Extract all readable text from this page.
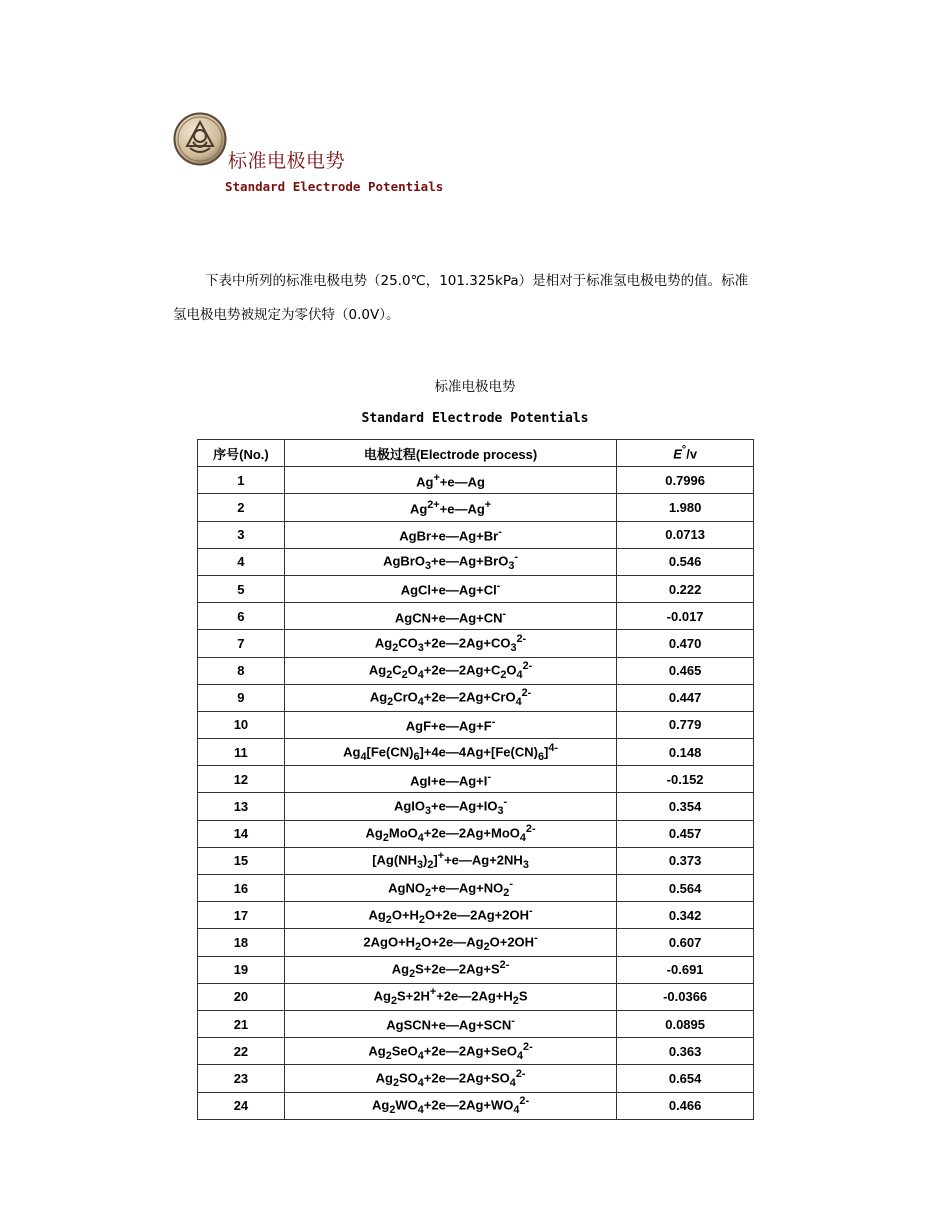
标准电极电势
Standard Electrode Potentials
下表中所列的标准电极电势（25.0℃，101.325kPa）是相对于标准氢电极电势的值。标准
氢电极电势被规定为零伏特（0.0V）。
标准电极电势
Standard Electrode Potentials
序号(No.)	电极过程(Electrode process)	E°/v
1	Ag++e—Ag	0.7996
2	$Ag^{2+}+e—Ag^+$	1.980
3	AgBr+e—Ag+Br-	0.0713
4	AgBrO$_3$+e—Ag+BrO$_3$-	0.546
5	AgCl+e—Ag+Cl-	0.222
6	AgCN+e—Ag+CN-	-0.017
7	$Ag_2CO_3+2e—2Ag+CO_3^{2-}$	0.470
8	$Ag_2C_2O_4+2e—2Ag+C_2O_4^{2-}$	0.465
9	$Ag_2CrO_4+2e—2Ag+CrO_4^{2-}$	0.447
10	AgF+e—Ag+F-	0.779
11	$Ag_4[Fe(CN)_6]+4e—4Ag+[Fe(CN)_6]^{4-}$	0.148
12	AgI+e—Ag+I-	-0.152
13	$AgIO_3+e—Ag+IO_3^-$	0.354
14	$Ag_2MoO_4+2e—2Ag+MoO_4^{2-}$	0.457
15	$[Ag(NH_3)_2]^++e—Ag+2NH_3$	0.373
16	$AgNO_2+e—Ag+NO_2^-$	0.564
17	$Ag_2O+H_2O+2e—2Ag+2OH^-$	0.342
18	$2AgO+H_2O+2e—Ag_2O+2OH^-$	0.607
19	$Ag_2S+2e—2Ag+S^{2-}$	-0.691
20	$Ag_2S+2H^++2e—2Ag+H_2S$	-0.0366
21	AgSCN+e—Ag+SCN-	0.0895
22	$Ag_2SeO_4+2e—2Ag+SeO_4^{2-}$	0.363
23	$Ag_2SO_4+2e—2Ag+SO_4^{2-}$	0.654
24	$Ag_2WO_4+2e—2Ag+WO_4^{2-}$	0.466
